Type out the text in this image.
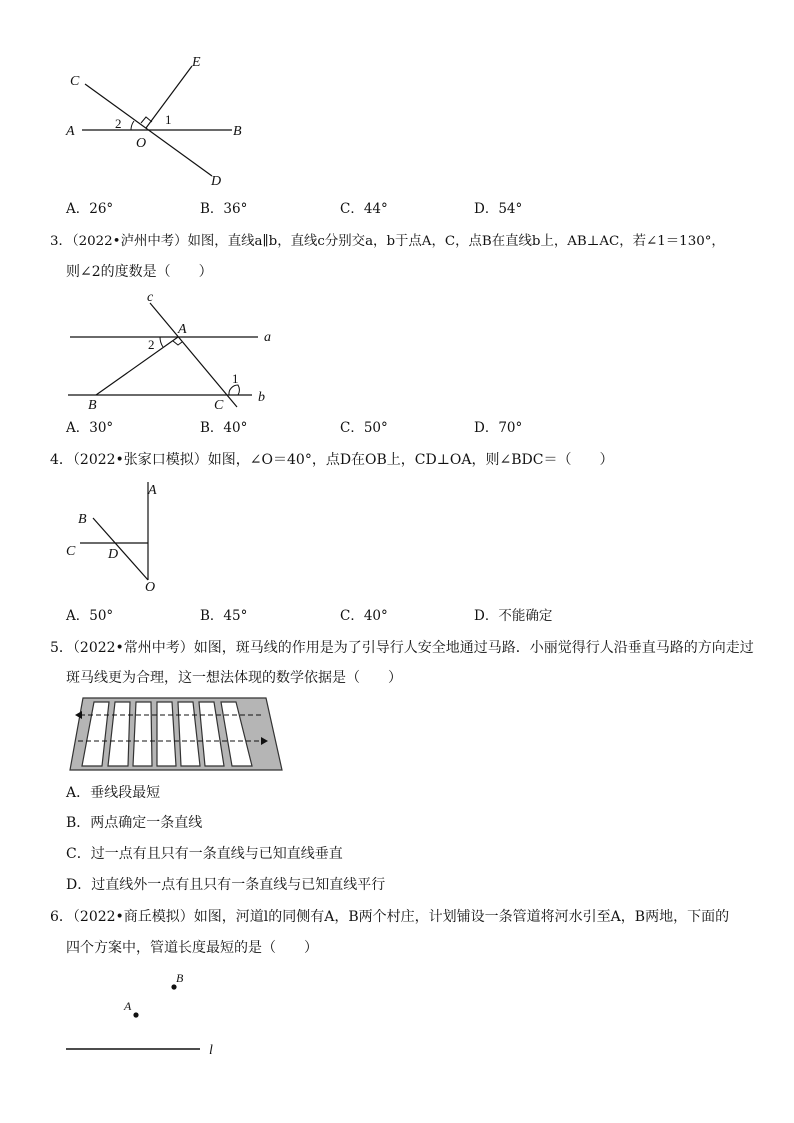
C
E
A
2	1
B
O
D
A．26°	B．36°	C．44°	D．54°
3．（2022•泸州中考）如图，直线a∥b，直线c分别交a，b于点A，C，点B在直线b上，AB⊥AC，若∠1＝130°，
则∠2的度数是（　　）
c
A
a
2
1
B	C
b
A．30°	B．40°	C．50°	D．70°
4．（2022•张家口模拟）如图，∠O＝40°，点D在OB上，CD⊥OA，则∠BDC＝（　　）
A
B
C D
O
A．50°	B．45°	C．40°	D．不能确定
5．（2022•常州中考）如图，斑马线的作用是为了引导行人安全地通过马路．小丽觉得行人沿垂直马路的方向走过
斑马线更为合理，这一想法体现的数学依据是（　　）
A．垂线段最短
B．两点确定一条直线
C．过一点有且只有一条直线与已知直线垂直
D．过直线外一点有且只有一条直线与已知直线平行
6．（2022•商丘模拟）如图，河道l的同侧有A，B两个村庄，计划铺设一条管道将河水引至A，B两地，下面的
四个方案中，管道长度最短的是（　　）
B
A
l
